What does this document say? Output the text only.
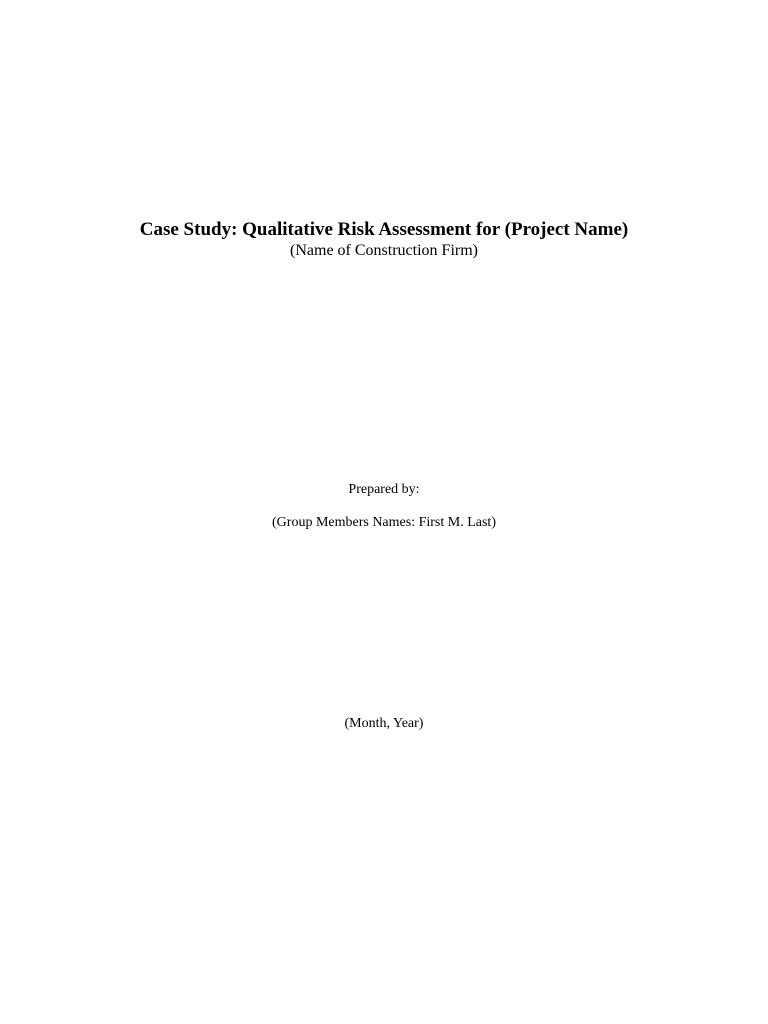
Case Study: Qualitative Risk Assessment for (Project Name)
(Name of Construction Firm)
Prepared by:
(Group Members Names: First M. Last)
(Month, Year)
